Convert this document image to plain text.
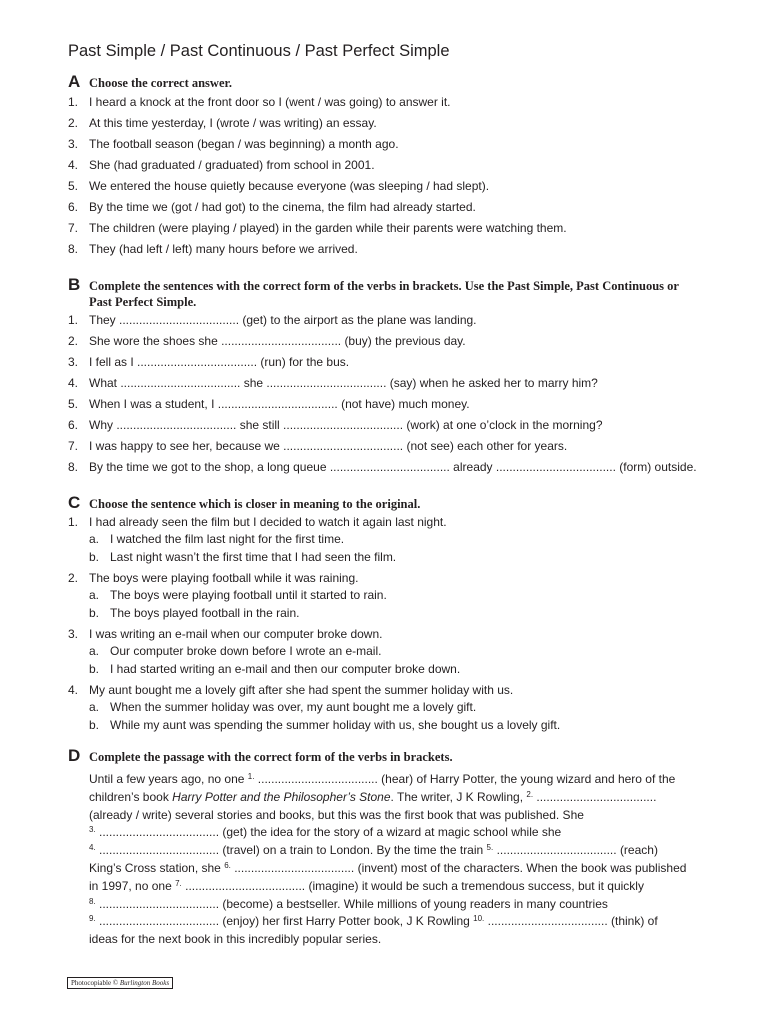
Past Simple / Past Continuous / Past Perfect Simple
A Choose the correct answer.
1. I heard a knock at the front door so I (went / was going) to answer it.
2. At this time yesterday, I (wrote / was writing) an essay.
3. The football season (began / was beginning) a month ago.
4. She (had graduated / graduated) from school in 2001.
5. We entered the house quietly because everyone (was sleeping / had slept).
6. By the time we (got / had got) to the cinema, the film had already started.
7. The children (were playing / played) in the garden while their parents were watching them.
8. They (had left / left) many hours before we arrived.
B Complete the sentences with the correct form of the verbs in brackets. Use the Past Simple, Past Continuous or Past Perfect Simple.
1. They .................................... (get) to the airport as the plane was landing.
2. She wore the shoes she .................................... (buy) the previous day.
3. I fell as I .................................... (run) for the bus.
4. What .................................... she .................................... (say) when he asked her to marry him?
5. When I was a student, I .................................... (not have) much money.
6. Why .................................... she still .................................... (work) at one o’clock in the morning?
7. I was happy to see her, because we .................................... (not see) each other for years.
8. By the time we got to the shop, a long queue .................................... already .................................... (form) outside.
C Choose the sentence which is closer in meaning to the original.
1. I had already seen the film but I decided to watch it again last night.
a. I watched the film last night for the first time.
b. Last night wasn’t the first time that I had seen the film.
2. The boys were playing football while it was raining.
a. The boys were playing football until it started to rain.
b. The boys played football in the rain.
3. I was writing an e-mail when our computer broke down.
a. Our computer broke down before I wrote an e-mail.
b. I had started writing an e-mail and then our computer broke down.
4. My aunt bought me a lovely gift after she had spent the summer holiday with us.
a. When the summer holiday was over, my aunt bought me a lovely gift.
b. While my aunt was spending the summer holiday with us, she bought us a lovely gift.
D Complete the passage with the correct form of the verbs in brackets.
Until a few years ago, no one $^{1.}$ .................................... (hear) of Harry Potter, the young wizard and hero of the
children’s book Harry Potter and the Philosopher’s Stone. The writer, J K Rowling, $^{2.}$ ....................................
(already / write) several stories and books, but this was the first book that was published. She
$^{3.}$ .................................... (get) the idea for the story of a wizard at magic school while she
$^{4.}$ .................................... (travel) on a train to London. By the time the train $^{5.}$ .................................... (reach)
King’s Cross station, she $^{6.}$ .................................... (invent) most of the characters. When the book was published
in 1997, no one $^{7.}$ .................................... (imagine) it would be such a tremendous success, but it quickly
$^{8.}$ .................................... (become) a bestseller. While millions of young readers in many countries
$^{9.}$ .................................... (enjoy) her first Harry Potter book, J K Rowling $^{10.}$ .................................... (think) of
ideas for the next book in this incredibly popular series.
Photocopiable © Burlington Books
